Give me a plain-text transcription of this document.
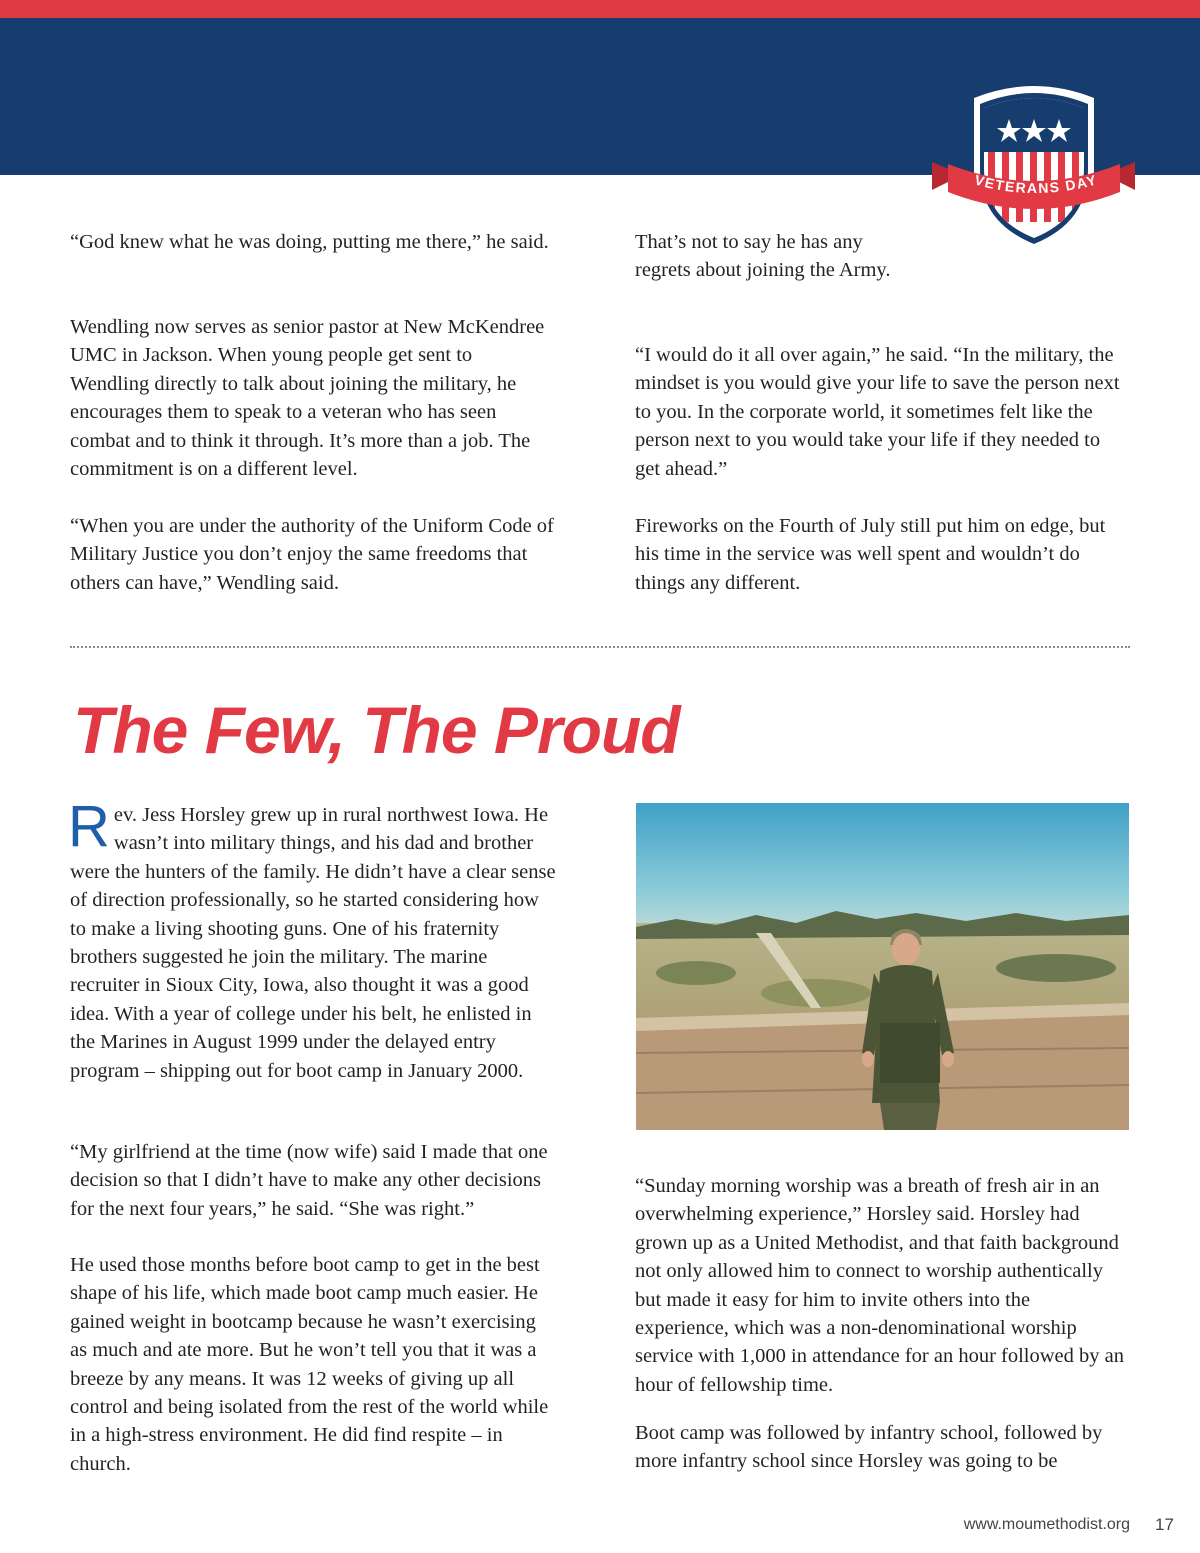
VETERANS DAY

“God knew what he was doing, putting me there,” he said.

Wendling now serves as senior pastor at New McKendree UMC in Jackson. When young people get sent to Wendling directly to talk about joining the military, he encourages them to speak to a veteran who has seen combat and to think it through. It’s more than a job. The commitment is on a different level.

“When you are under the authority of the Uniform Code of Military Justice you don’t enjoy the same freedoms that others can have,” Wendling said.

That’s not to say he has any regrets about joining the Army.

“I would do it all over again,” he said. “In the military, the mindset is you would give your life to save the person next to you. In the corporate world, it sometimes felt like the person next to you would take your life if they needed to get ahead.”

Fireworks on the Fourth of July still put him on edge, but his time in the service was well spent and wouldn’t do things any different.

The Few, The Proud

Rev. Jess Horsley grew up in rural northwest Iowa. He wasn’t into military things, and his dad and brother were the hunters of the family. He didn’t have a clear sense of direction professionally, so he started considering how to make a living shooting guns. One of his fraternity brothers suggested he join the military. The marine recruiter in Sioux City, Iowa, also thought it was a good idea. With a year of college under his belt, he enlisted in the Marines in August 1999 under the delayed entry program – shipping out for boot camp in January 2000.

“My girlfriend at the time (now wife) said I made that one decision so that I didn’t have to make any other decisions for the next four years,” he said. “She was right.”

He used those months before boot camp to get in the best shape of his life, which made boot camp much easier. He gained weight in bootcamp because he wasn’t exercising as much and ate more. But he won’t tell you that it was a breeze by any means. It was 12 weeks of giving up all control and being isolated from the rest of the world while in a high-stress environment. He did find respite – in church.

“Sunday morning worship was a breath of fresh air in an overwhelming experience,” Horsley said. Horsley had grown up as a United Methodist, and that faith background not only allowed him to connect to worship authentically but made it easy for him to invite others into the experience, which was a non-denominational worship service with 1,000 in attendance for an hour followed by an hour of fellowship time.

Boot camp was followed by infantry school, followed by more infantry school since Horsley was going to be

www.moumethodist.org 17
